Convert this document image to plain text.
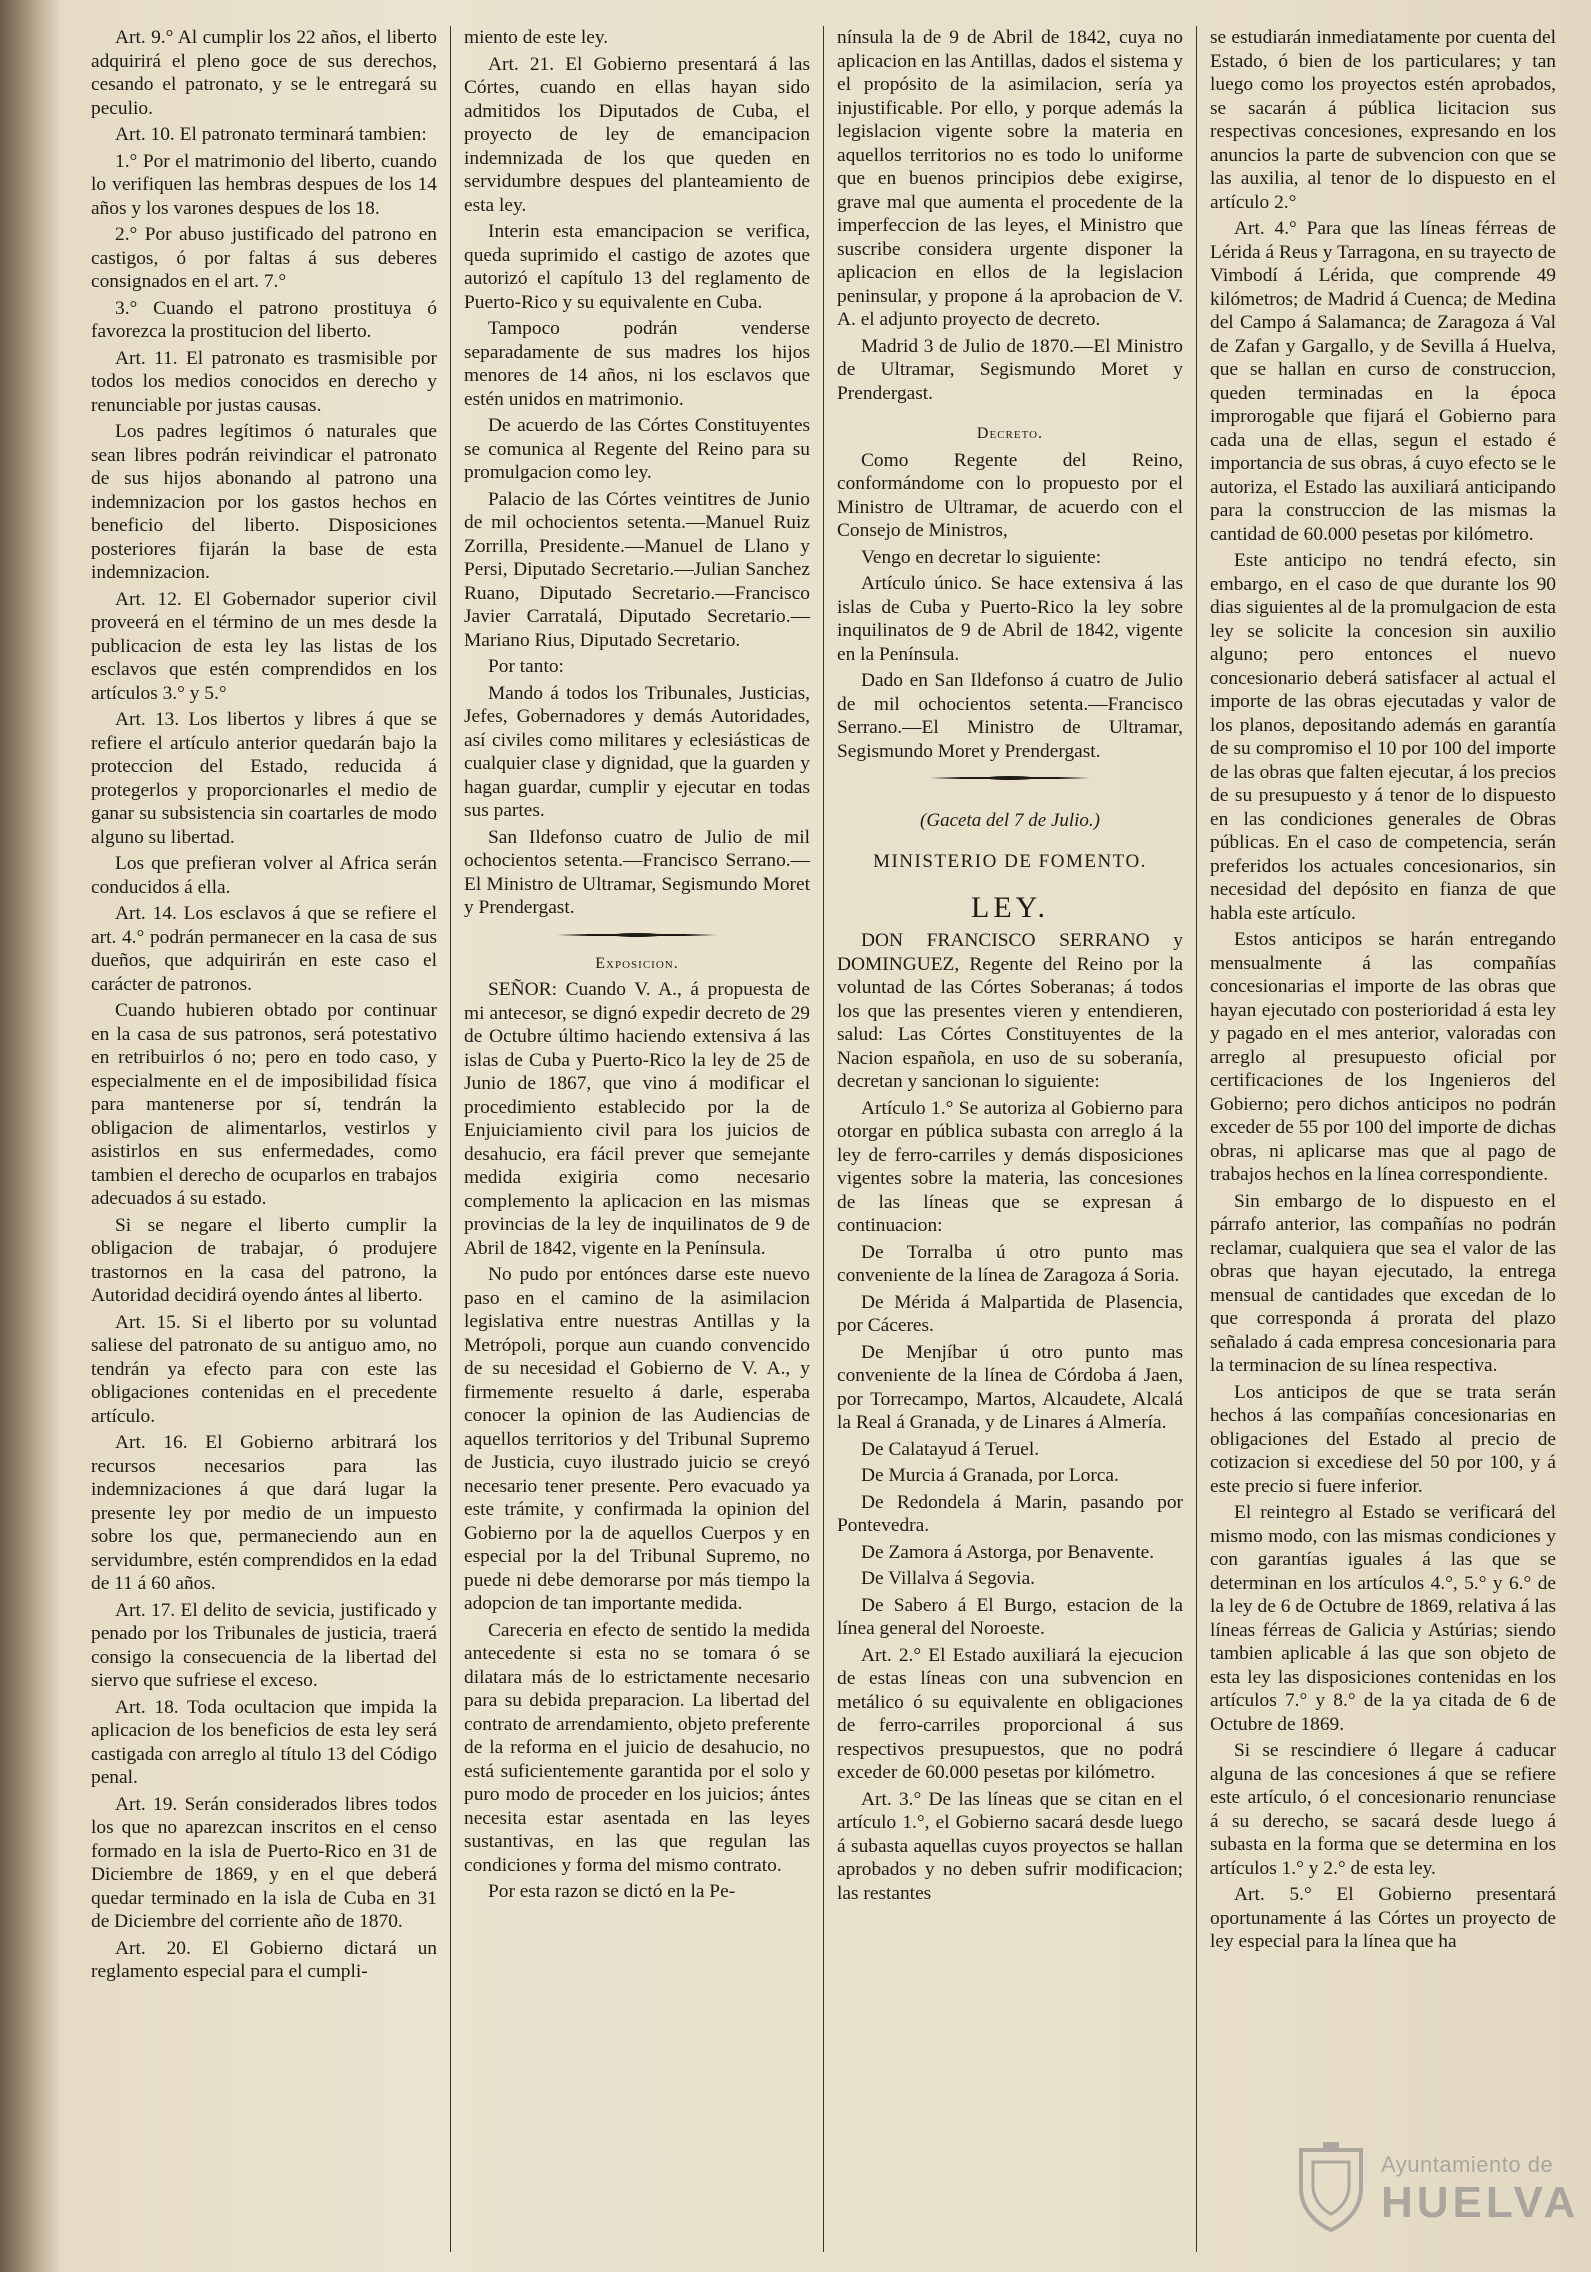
Art. 9.° Al cumplir los 22 años, el liberto adquirirá el pleno goce de sus derechos, cesando el patronato, y se le entregará su peculio.

Art. 10. El patronato terminará tambien:

1.° Por el matrimonio del liberto, cuando lo verifiquen las hembras despues de los 14 años y los varones despues de los 18.

2.° Por abuso justificado del patrono en castigos, ó por faltas á sus deberes consignados en el art. 7.°

3.° Cuando el patrono prostituya ó favorezca la prostitucion del liberto.

Art. 11. El patronato es trasmisible por todos los medios conocidos en derecho y renunciable por justas causas.

Los padres legítimos ó naturales que sean libres podrán reivindicar el patronato de sus hijos abonando al patrono una indemnizacion por los gastos hechos en beneficio del liberto. Disposiciones posteriores fijarán la base de esta indemnizacion.

Art. 12. El Gobernador superior civil proveerá en el término de un mes desde la publicacion de esta ley las listas de los esclavos que estén comprendidos en los artículos 3.° y 5.°

Art. 13. Los libertos y libres á que se refiere el artículo anterior quedarán bajo la proteccion del Estado, reducida á protegerlos y proporcionarles el medio de ganar su subsistencia sin coartarles de modo alguno su libertad.

Los que prefieran volver al Africa serán conducidos á ella.

Art. 14. Los esclavos á que se refiere el art. 4.° podrán permanecer en la casa de sus dueños, que adquirirán en este caso el carácter de patronos.

Cuando hubieren obtado por continuar en la casa de sus patronos, será potestativo en retribuirlos ó no; pero en todo caso, y especialmente en el de imposibilidad física para mantenerse por sí, tendrán la obligacion de alimentarlos, vestirlos y asistirlos en sus enfermedades, como tambien el derecho de ocuparlos en trabajos adecuados á su estado.

Si se negare el liberto cumplir la obligacion de trabajar, ó produjere trastornos en la casa del patrono, la Autoridad decidirá oyendo ántes al liberto.

Art. 15. Si el liberto por su voluntad saliese del patronato de su antiguo amo, no tendrán ya efecto para con este las obligaciones contenidas en el precedente artículo.

Art. 16. El Gobierno arbitrará los recursos necesarios para las indemnizaciones á que dará lugar la presente ley por medio de un impuesto sobre los que, permaneciendo aun en servidumbre, estén comprendidos en la edad de 11 á 60 años.

Art. 17. El delito de sevicia, justificado y penado por los Tribunales de justicia, traerá consigo la consecuencia de la libertad del siervo que sufriese el exceso.

Art. 18. Toda ocultacion que impida la aplicacion de los beneficios de esta ley será castigada con arreglo al título 13 del Código penal.

Art. 19. Serán considerados libres todos los que no aparezcan inscritos en el censo formado en la isla de Puerto-Rico en 31 de Diciembre de 1869, y en el que deberá quedar terminado en la isla de Cuba en 31 de Diciembre del corriente año de 1870.

Art. 20. El Gobierno dictará un reglamento especial para el cumpli-

miento de este ley.

Art. 21. El Gobierno presentará á las Córtes, cuando en ellas hayan sido admitidos los Diputados de Cuba, el proyecto de ley de emancipacion indemnizada de los que queden en servidumbre despues del planteamiento de esta ley.

Interin esta emancipacion se verifica, queda suprimido el castigo de azotes que autorizó el capítulo 13 del reglamento de Puerto-Rico y su equivalente en Cuba.

Tampoco podrán venderse separadamente de sus madres los hijos menores de 14 años, ni los esclavos que estén unidos en matrimonio.

De acuerdo de las Córtes Constituyentes se comunica al Regente del Reino para su promulgacion como ley.

Palacio de las Córtes veintitres de Junio de mil ochocientos setenta.—Manuel Ruiz Zorrilla, Presidente.—Manuel de Llano y Persi, Diputado Secretario.—Julian Sanchez Ruano, Diputado Secretario.—Francisco Javier Carratalá, Diputado Secretario.—Mariano Rius, Diputado Secretario.

Por tanto:

Mando á todos los Tribunales, Justicias, Jefes, Gobernadores y demás Autoridades, así civiles como militares y eclesiásticas de cualquier clase y dignidad, que la guarden y hagan guardar, cumplir y ejecutar en todas sus partes.

San Ildefonso cuatro de Julio de mil ochocientos setenta.—Francisco Serrano.—El Ministro de Ultramar, Segismundo Moret y Prendergast.

Exposicion.

SEÑOR: Cuando V. A., á propuesta de mi antecesor, se dignó expedir decreto de 29 de Octubre último haciendo extensiva á las islas de Cuba y Puerto-Rico la ley de 25 de Junio de 1867, que vino á modificar el procedimiento establecido por la de Enjuiciamiento civil para los juicios de desahucio, era fácil prever que semejante medida exigiria como necesario complemento la aplicacion en las mismas provincias de la ley de inquilinatos de 9 de Abril de 1842, vigente en la Península.

No pudo por entónces darse este nuevo paso en el camino de la asimilacion legislativa entre nuestras Antillas y la Metrópoli, porque aun cuando convencido de su necesidad el Gobierno de V. A., y firmemente resuelto á darle, esperaba conocer la opinion de las Audiencias de aquellos territorios y del Tribunal Supremo de Justicia, cuyo ilustrado juicio se creyó necesario tener presente. Pero evacuado ya este trámite, y confirmada la opinion del Gobierno por la de aquellos Cuerpos y en especial por la del Tribunal Supremo, no puede ni debe demorarse por más tiempo la adopcion de tan importante medida.

Careceria en efecto de sentido la medida antecedente si esta no se tomara ó se dilatara más de lo estrictamente necesario para su debida preparacion. La libertad del contrato de arrendamiento, objeto preferente de la reforma en el juicio de desahucio, no está suficientemente garantida por el solo y puro modo de proceder en los juicios; ántes necesita estar asentada en las leyes sustantivas, en las que regulan las condiciones y forma del mismo contrato.

Por esta razon se dictó en la Pe-

nínsula la de 9 de Abril de 1842, cuya no aplicacion en las Antillas, dados el sistema y el propósito de la asimilacion, sería ya injustificable. Por ello, y porque además la legislacion vigente sobre la materia en aquellos territorios no es todo lo uniforme que en buenos principios debe exigirse, grave mal que aumenta el procedente de la imperfeccion de las leyes, el Ministro que suscribe considera urgente disponer la aplicacion en ellos de la legislacion peninsular, y propone á la aprobacion de V. A. el adjunto proyecto de decreto.

Madrid 3 de Julio de 1870.—El Ministro de Ultramar, Segismundo Moret y Prendergast.

Decreto.

Como Regente del Reino, conformándome con lo propuesto por el Ministro de Ultramar, de acuerdo con el Consejo de Ministros,

Vengo en decretar lo siguiente:

Artículo único. Se hace extensiva á las islas de Cuba y Puerto-Rico la ley sobre inquilinatos de 9 de Abril de 1842, vigente en la Península.

Dado en San Ildefonso á cuatro de Julio de mil ochocientos setenta.—Francisco Serrano.—El Ministro de Ultramar, Segismundo Moret y Prendergast.

(Gaceta del 7 de Julio.)

MINISTERIO DE FOMENTO.

LEY.

DON FRANCISCO SERRANO y DOMINGUEZ, Regente del Reino por la voluntad de las Córtes Soberanas; á todos los que las presentes vieren y entendieren, salud: Las Córtes Constituyentes de la Nacion española, en uso de su soberanía, decretan y sancionan lo siguiente:

Artículo 1.° Se autoriza al Gobierno para otorgar en pública subasta con arreglo á la ley de ferro-carriles y demás disposiciones vigentes sobre la materia, las concesiones de las líneas que se expresan á continuacion:

De Torralba ú otro punto mas conveniente de la línea de Zaragoza á Soria.

De Mérida á Malpartida de Plasencia, por Cáceres.

De Menjíbar ú otro punto mas conveniente de la línea de Córdoba á Jaen, por Torrecampo, Martos, Alcaudete, Alcalá la Real á Granada, y de Linares á Almería.

De Calatayud á Teruel.

De Murcia á Granada, por Lorca.

De Redondela á Marin, pasando por Pontevedra.

De Zamora á Astorga, por Benavente.

De Villalva á Segovia.

De Sabero á El Burgo, estacion de la línea general del Noroeste.

Art. 2.° El Estado auxiliará la ejecucion de estas líneas con una subvencion en metálico ó su equivalente en obligaciones de ferro-carriles proporcional á sus respectivos presupuestos, que no podrá exceder de 60.000 pesetas por kilómetro.

Art. 3.° De las líneas que se citan en el artículo 1.°, el Gobierno sacará desde luego á subasta aquellas cuyos proyectos se hallan aprobados y no deben sufrir modificacion; las restantes

se estudiarán inmediatamente por cuenta del Estado, ó bien de los particulares; y tan luego como los proyectos estén aprobados, se sacarán á pública licitacion sus respectivas concesiones, expresando en los anuncios la parte de subvencion con que se las auxilia, al tenor de lo dispuesto en el artículo 2.°

Art. 4.° Para que las líneas férreas de Lérida á Reus y Tarragona, en su trayecto de Vimbodí á Lérida, que comprende 49 kilómetros; de Madrid á Cuenca; de Medina del Campo á Salamanca; de Zaragoza á Val de Zafan y Gargallo, y de Sevilla á Huelva, que se hallan en curso de construccion, queden terminadas en la época improrogable que fijará el Gobierno para cada una de ellas, segun el estado é importancia de sus obras, á cuyo efecto se le autoriza, el Estado las auxiliará anticipando para la construccion de las mismas la cantidad de 60.000 pesetas por kilómetro.

Este anticipo no tendrá efecto, sin embargo, en el caso de que durante los 90 dias siguientes al de la promulgacion de esta ley se solicite la concesion sin auxilio alguno; pero entonces el nuevo concesionario deberá satisfacer al actual el importe de las obras ejecutadas y valor de los planos, depositando además en garantía de su compromiso el 10 por 100 del importe de las obras que falten ejecutar, á los precios de su presupuesto y á tenor de lo dispuesto en las condiciones generales de Obras públicas. En el caso de competencia, serán preferidos los actuales concesionarios, sin necesidad del depósito en fianza de que habla este artículo.

Estos anticipos se harán entregando mensualmente á las compañías concesionarias el importe de las obras que hayan ejecutado con posterioridad á esta ley y pagado en el mes anterior, valoradas con arreglo al presupuesto oficial por certificaciones de los Ingenieros del Gobierno; pero dichos anticipos no podrán exceder de 55 por 100 del importe de dichas obras, ni aplicarse mas que al pago de trabajos hechos en la línea correspondiente.

Sin embargo de lo dispuesto en el párrafo anterior, las compañías no podrán reclamar, cualquiera que sea el valor de las obras que hayan ejecutado, la entrega mensual de cantidades que excedan de lo que corresponda á prorata del plazo señalado á cada empresa concesionaria para la terminacion de su línea respectiva.

Los anticipos de que se trata serán hechos á las compañías concesionarias en obligaciones del Estado al precio de cotizacion si excediese del 50 por 100, y á este precio si fuere inferior.

El reintegro al Estado se verificará del mismo modo, con las mismas condiciones y con garantías iguales á las que se determinan en los artículos 4.°, 5.° y 6.° de la ley de 6 de Octubre de 1869, relativa á las líneas férreas de Galicia y Astúrias; siendo tambien aplicable á las que son objeto de esta ley las disposiciones contenidas en los artículos 7.° y 8.° de la ya citada de 6 de Octubre de 1869.

Si se rescindiere ó llegare á caducar alguna de las concesiones á que se refiere este artículo, ó el concesionario renunciase á su derecho, se sacará desde luego á subasta en la forma que se determina en los artículos 1.° y 2.° de esta ley.

Art. 5.° El Gobierno presentará oportunamente á las Córtes un proyecto de ley especial para la línea que ha

Ayuntamiento de
HUELVA
